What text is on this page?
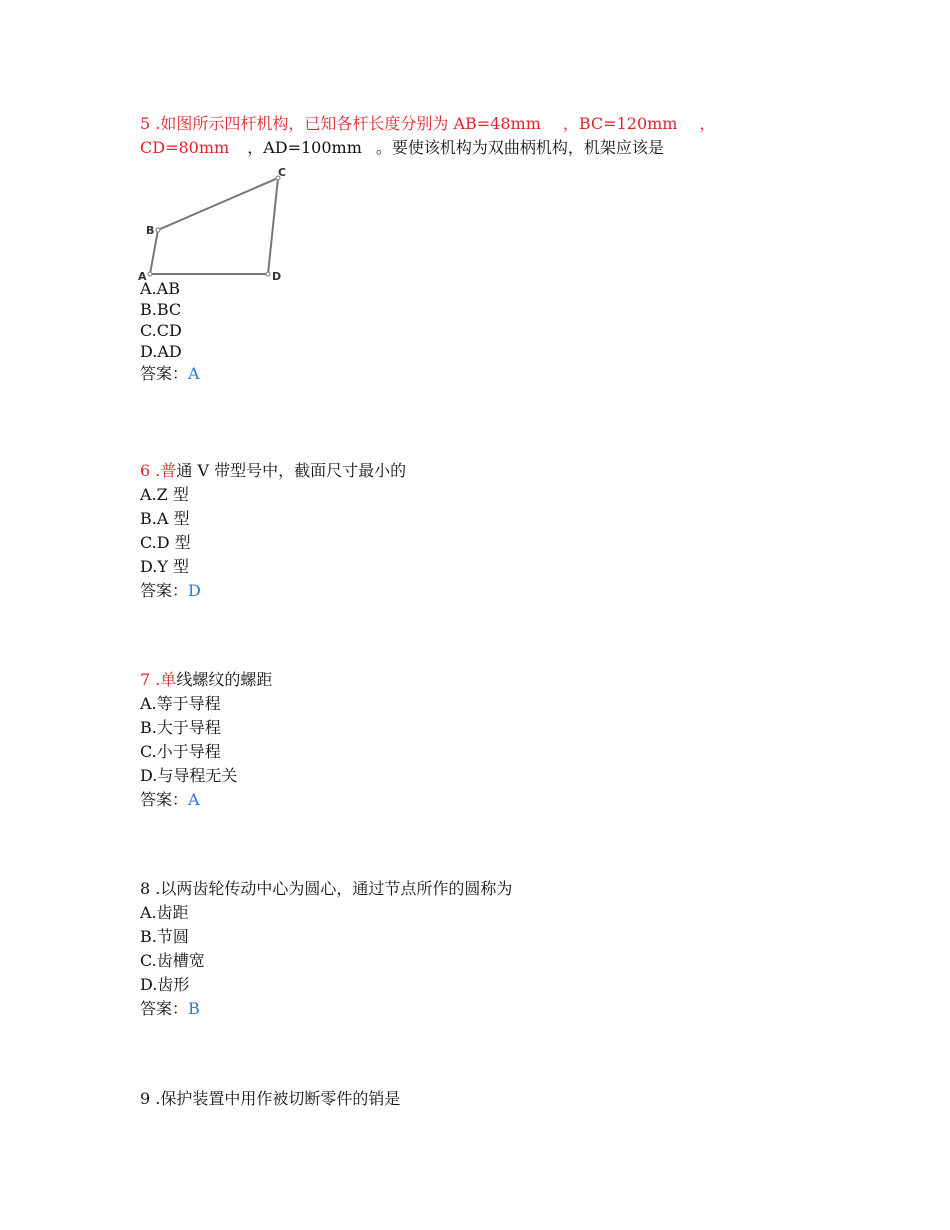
5 .如图所示四杆机构，已知各杆长度分别为 AB=48mm ，BC=120mm ，
CD=80mm ，AD=100mm 。要使该机构为双曲柄机构，机架应该是
A
B
C
D
A.AB
B.BC
C.CD
D.AD
答案：A
6 .普通 V 带型号中，截面尺寸最小的
A.Z 型
B.A 型
C.D 型
D.Y 型
答案：D
7 .单线螺纹的螺距
A.等于导程
B.大于导程
C.小于导程
D.与导程无关
答案：A
8 .以两齿轮传动中心为圆心，通过节点所作的圆称为
A.齿距
B.节圆
C.齿槽宽
D.齿形
答案：B
9 .保护装置中用作被切断零件的销是
